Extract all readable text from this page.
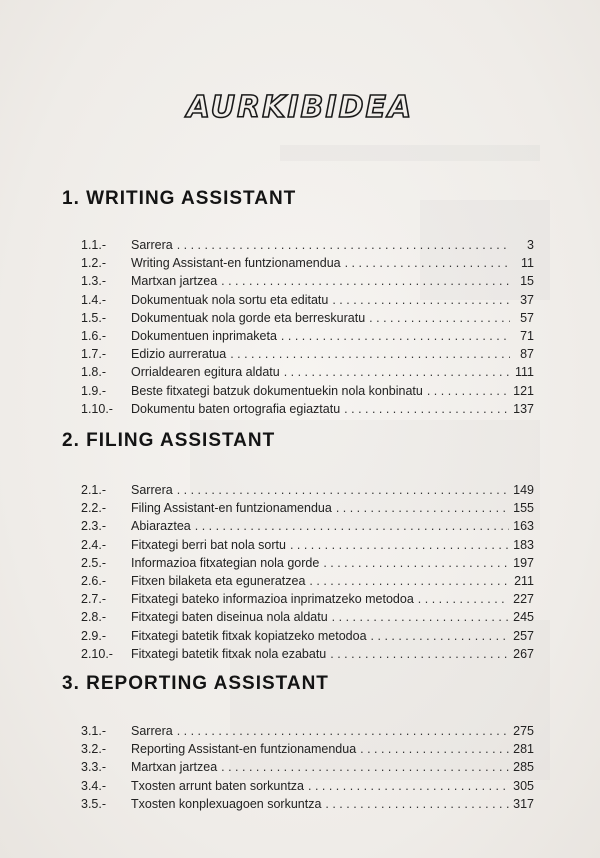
AURKIBIDEA
1. WRITING ASSISTANT
1.1.-	Sarrera . . .	3
1.2.-	Writing Assistant-en funtzionamendua . . .	11
1.3.-	Martxan jartzea . . .	15
1.4.-	Dokumentuak nola sortu eta editatu . . .	37
1.5.-	Dokumentuak nola gorde eta berreskuratu . . .	57
1.6.-	Dokumentuen inprimaketa . . .	71
1.7.-	Edizio aurreratua . . .	87
1.8.-	Orrialdearen egitura aldatu . . .	111
1.9.-	Beste fitxategi batzuk dokumentuekin nola konbinatu . . .	121
1.10.-	Dokumentu baten ortografia egiaztatu . . .	137
2. FILING ASSISTANT
2.1.-	Sarrera . . .	149
2.2.-	Filing Assistant-en funtzionamendua . . .	155
2.3.-	Abiaraztea . . .	163
2.4.-	Fitxategi berri bat nola sortu . . .	183
2.5.-	Informazioa fitxategian nola gorde . . .	197
2.6.-	Fitxen bilaketa eta eguneratzea . . .	211
2.7.-	Fitxategi bateko informazioa inprimatzeko metodoa . . .	227
2.8.-	Fitxategi baten diseinua nola aldatu . . .	245
2.9.-	Fitxategi batetik fitxak kopiatzeko metodoa . . .	257
2.10.-	Fitxategi batetik fitxak nola ezabatu . . .	267
3. REPORTING ASSISTANT
3.1.-	Sarrera . . .	275
3.2.-	Reporting Assistant-en funtzionamendua . . .	281
3.3.-	Martxan jartzea . . .	285
3.4.-	Txosten arrunt baten sorkuntza . . .	305
3.5.-	Txosten konplexuagoen sorkuntza . . .	317
